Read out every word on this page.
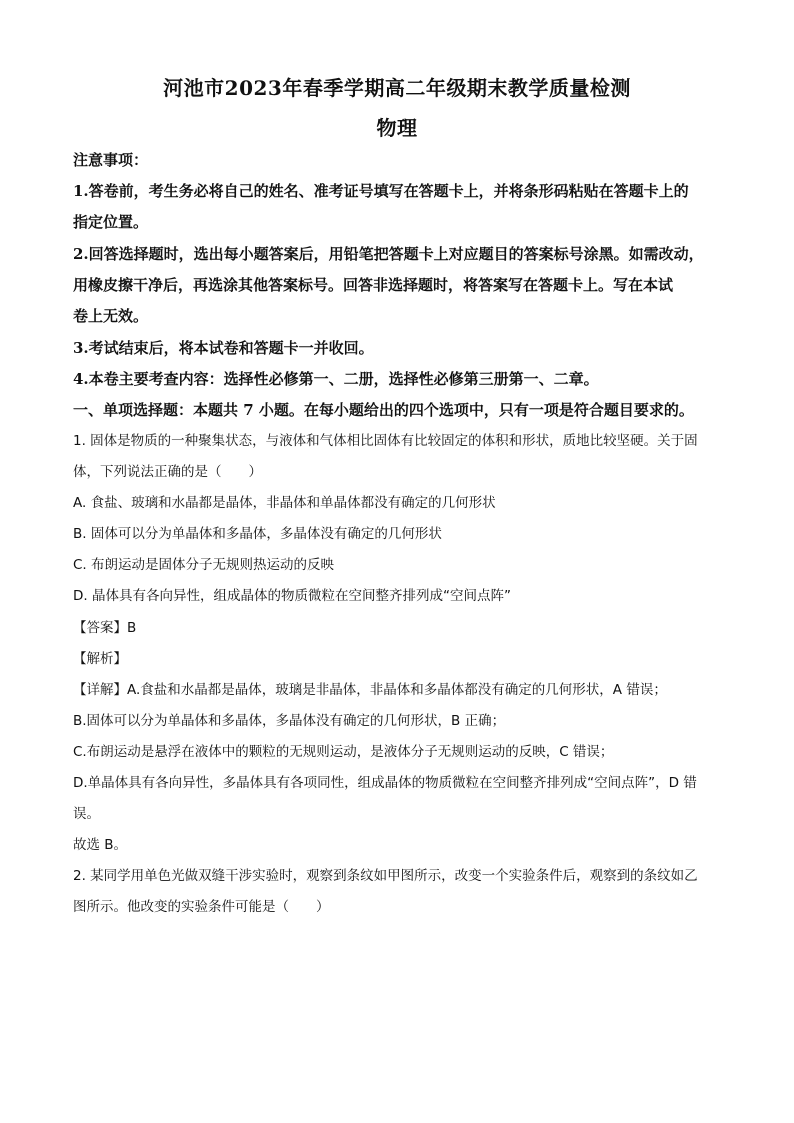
河池市2023年春季学期高二年级期末教学质量检测
物理
注意事项：
1.答卷前，考生务必将自己的姓名、准考证号填写在答题卡上，并将条形码粘贴在答题卡上的
指定位置。
2.回答选择题时，选出每小题答案后，用铅笔把答题卡上对应题目的答案标号涂黑。如需改动，
用橡皮擦干净后，再选涂其他答案标号。回答非选择题时，将答案写在答题卡上。写在本试
卷上无效。
3.考试结束后，将本试卷和答题卡一并收回。
4.本卷主要考查内容：选择性必修第一、二册，选择性必修第三册第一、二章。
一、单项选择题：本题共 7 小题。在每小题给出的四个选项中，只有一项是符合题目要求的。
1. 固体是物质的一种聚集状态，与液体和气体相比固体有比较固定的体积和形状，质地比较坚硬。关于固
体，下列说法正确的是（　　）
A. 食盐、玻璃和水晶都是晶体，非晶体和单晶体都没有确定的几何形状
B. 固体可以分为单晶体和多晶体，多晶体没有确定的几何形状
C. 布朗运动是固体分子无规则热运动的反映
D. 晶体具有各向异性，组成晶体的物质微粒在空间整齐排列成“空间点阵”
【答案】B
【解析】
【详解】A.食盐和水晶都是晶体，玻璃是非晶体，非晶体和多晶体都没有确定的几何形状，A 错误；
B.固体可以分为单晶体和多晶体，多晶体没有确定的几何形状，B 正确；
C.布朗运动是悬浮在液体中的颗粒的无规则运动，是液体分子无规则运动的反映，C 错误；
D.单晶体具有各向异性，多晶体具有各项同性，组成晶体的物质微粒在空间整齐排列成“空间点阵”，D 错
误。
故选 B。
2. 某同学用单色光做双缝干涉实验时，观察到条纹如甲图所示，改变一个实验条件后，观察到的条纹如乙
图所示。他改变的实验条件可能是（　　）
